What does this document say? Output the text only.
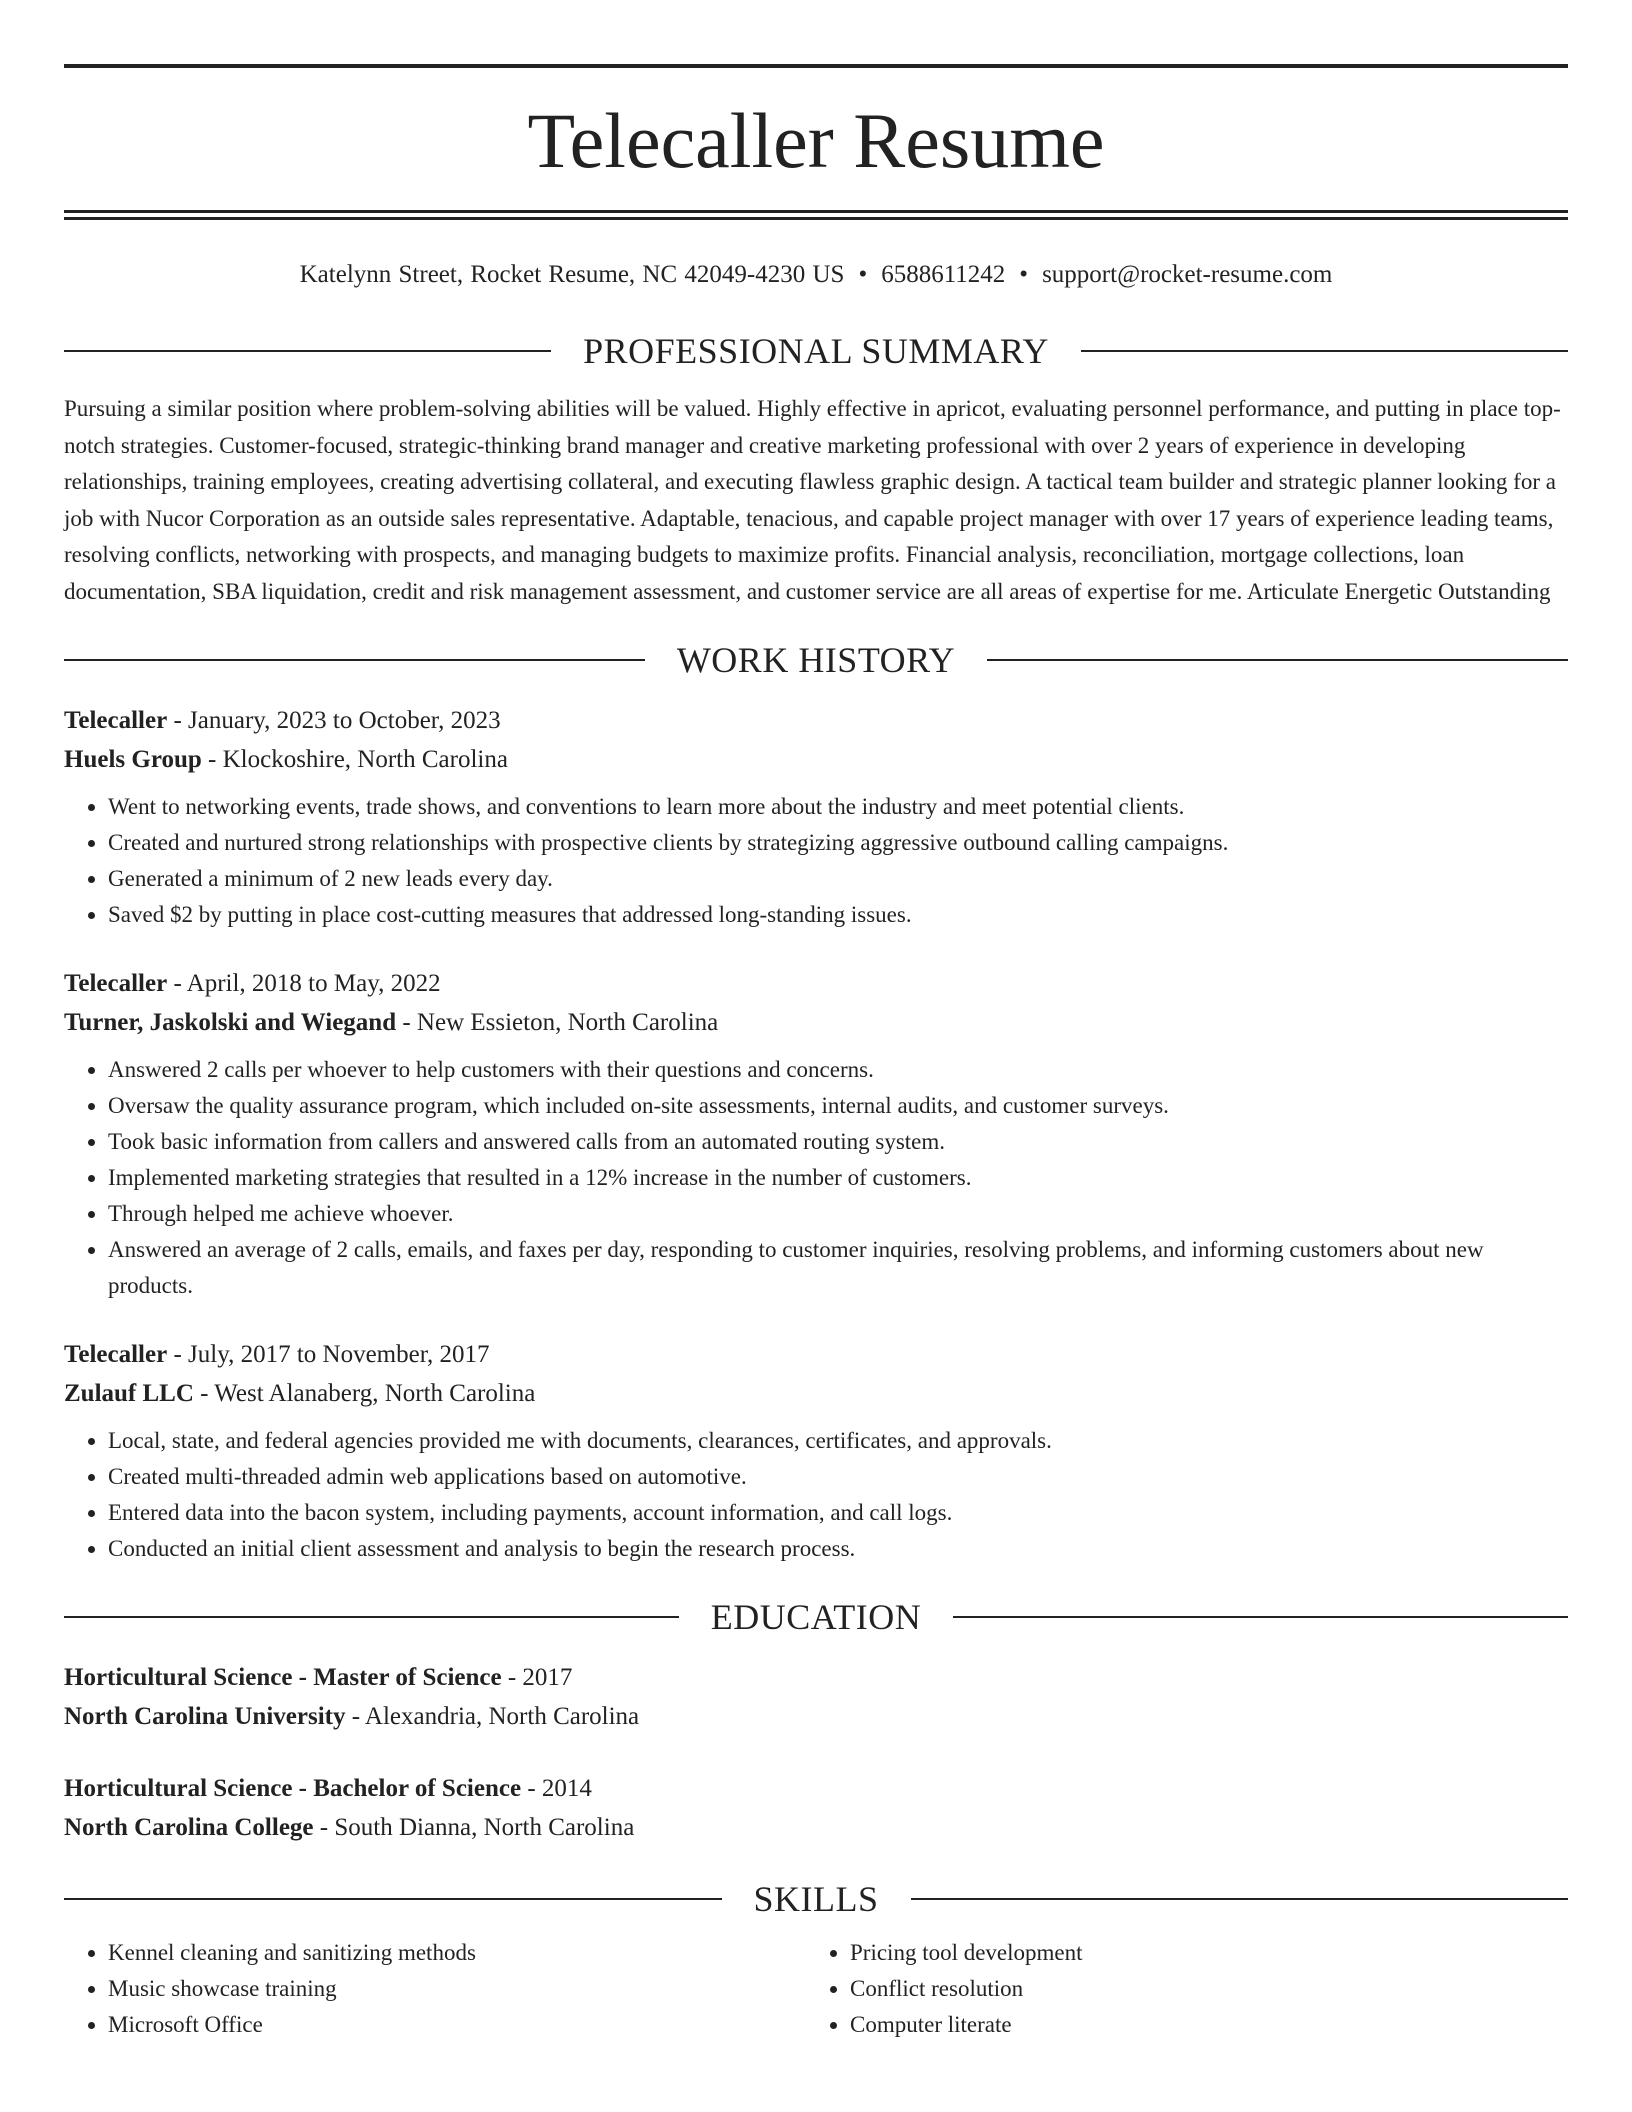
Telecaller Resume
Katelynn Street, Rocket Resume, NC 42049-4230 US • 6588611242 • support@rocket-resume.com
PROFESSIONAL SUMMARY
Pursuing a similar position where problem-solving abilities will be valued. Highly effective in apricot, evaluating personnel performance, and putting in place top-notch strategies. Customer-focused, strategic-thinking brand manager and creative marketing professional with over 2 years of experience in developing relationships, training employees, creating advertising collateral, and executing flawless graphic design. A tactical team builder and strategic planner looking for a job with Nucor Corporation as an outside sales representative. Adaptable, tenacious, and capable project manager with over 17 years of experience leading teams, resolving conflicts, networking with prospects, and managing budgets to maximize profits. Financial analysis, reconciliation, mortgage collections, loan documentation, SBA liquidation, credit and risk management assessment, and customer service are all areas of expertise for me. Articulate Energetic Outstanding
WORK HISTORY
Telecaller - January, 2023 to October, 2023
Huels Group - Klockoshire, North Carolina
• Went to networking events, trade shows, and conventions to learn more about the industry and meet potential clients.
• Created and nurtured strong relationships with prospective clients by strategizing aggressive outbound calling campaigns.
• Generated a minimum of 2 new leads every day.
• Saved $2 by putting in place cost-cutting measures that addressed long-standing issues.
Telecaller - April, 2018 to May, 2022
Turner, Jaskolski and Wiegand - New Essieton, North Carolina
• Answered 2 calls per whoever to help customers with their questions and concerns.
• Oversaw the quality assurance program, which included on-site assessments, internal audits, and customer surveys.
• Took basic information from callers and answered calls from an automated routing system.
• Implemented marketing strategies that resulted in a 12% increase in the number of customers.
• Through helped me achieve whoever.
• Answered an average of 2 calls, emails, and faxes per day, responding to customer inquiries, resolving problems, and informing customers about new products.
Telecaller - July, 2017 to November, 2017
Zulauf LLC - West Alanaberg, North Carolina
• Local, state, and federal agencies provided me with documents, clearances, certificates, and approvals.
• Created multi-threaded admin web applications based on automotive.
• Entered data into the bacon system, including payments, account information, and call logs.
• Conducted an initial client assessment and analysis to begin the research process.
EDUCATION
Horticultural Science - Master of Science - 2017
North Carolina University - Alexandria, North Carolina
Horticultural Science - Bachelor of Science - 2014
North Carolina College - South Dianna, North Carolina
SKILLS
• Kennel cleaning and sanitizing methods
• Music showcase training
• Microsoft Office
• Pricing tool development
• Conflict resolution
• Computer literate
